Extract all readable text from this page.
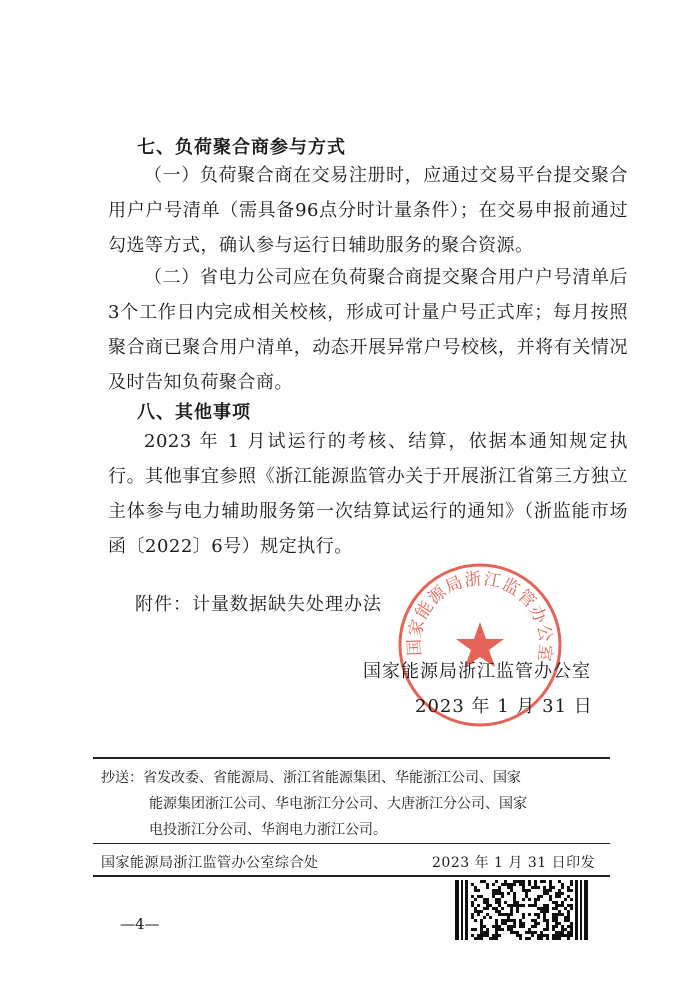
七、负荷聚合商参与方式
（一）负荷聚合商在交易注册时，应通过交易平台提交聚合用户户号清单（需具备96点分时计量条件）；在交易申报前通过勾选等方式，确认参与运行日辅助服务的聚合资源。
（二）省电力公司应在负荷聚合商提交聚合用户户号清单后3个工作日内完成相关校核，形成可计量户号正式库；每月按照聚合商已聚合用户清单，动态开展异常户号校核，并将有关情况及时告知负荷聚合商。
八、其他事项
2023 年 1 月试运行的考核、结算，依据本通知规定执行。其他事宜参照《浙江能源监管办关于开展浙江省第三方独立主体参与电力辅助服务第一次结算试运行的通知》（浙监能市场函〔2022〕6号）规定执行。
附件：计量数据缺失处理办法
国家能源局浙江监管办公室
国家能源局浙江监管办公室
2023 年 1 月 31 日
抄送：省发改委、省能源局、浙江省能源集团、华能浙江公司、国家
能源集团浙江公司、华电浙江分公司、大唐浙江分公司、国家
电投浙江分公司、华润电力浙江公司。
国家能源局浙江监管办公室综合处	2023 年 1 月 31 日印发
—4—
